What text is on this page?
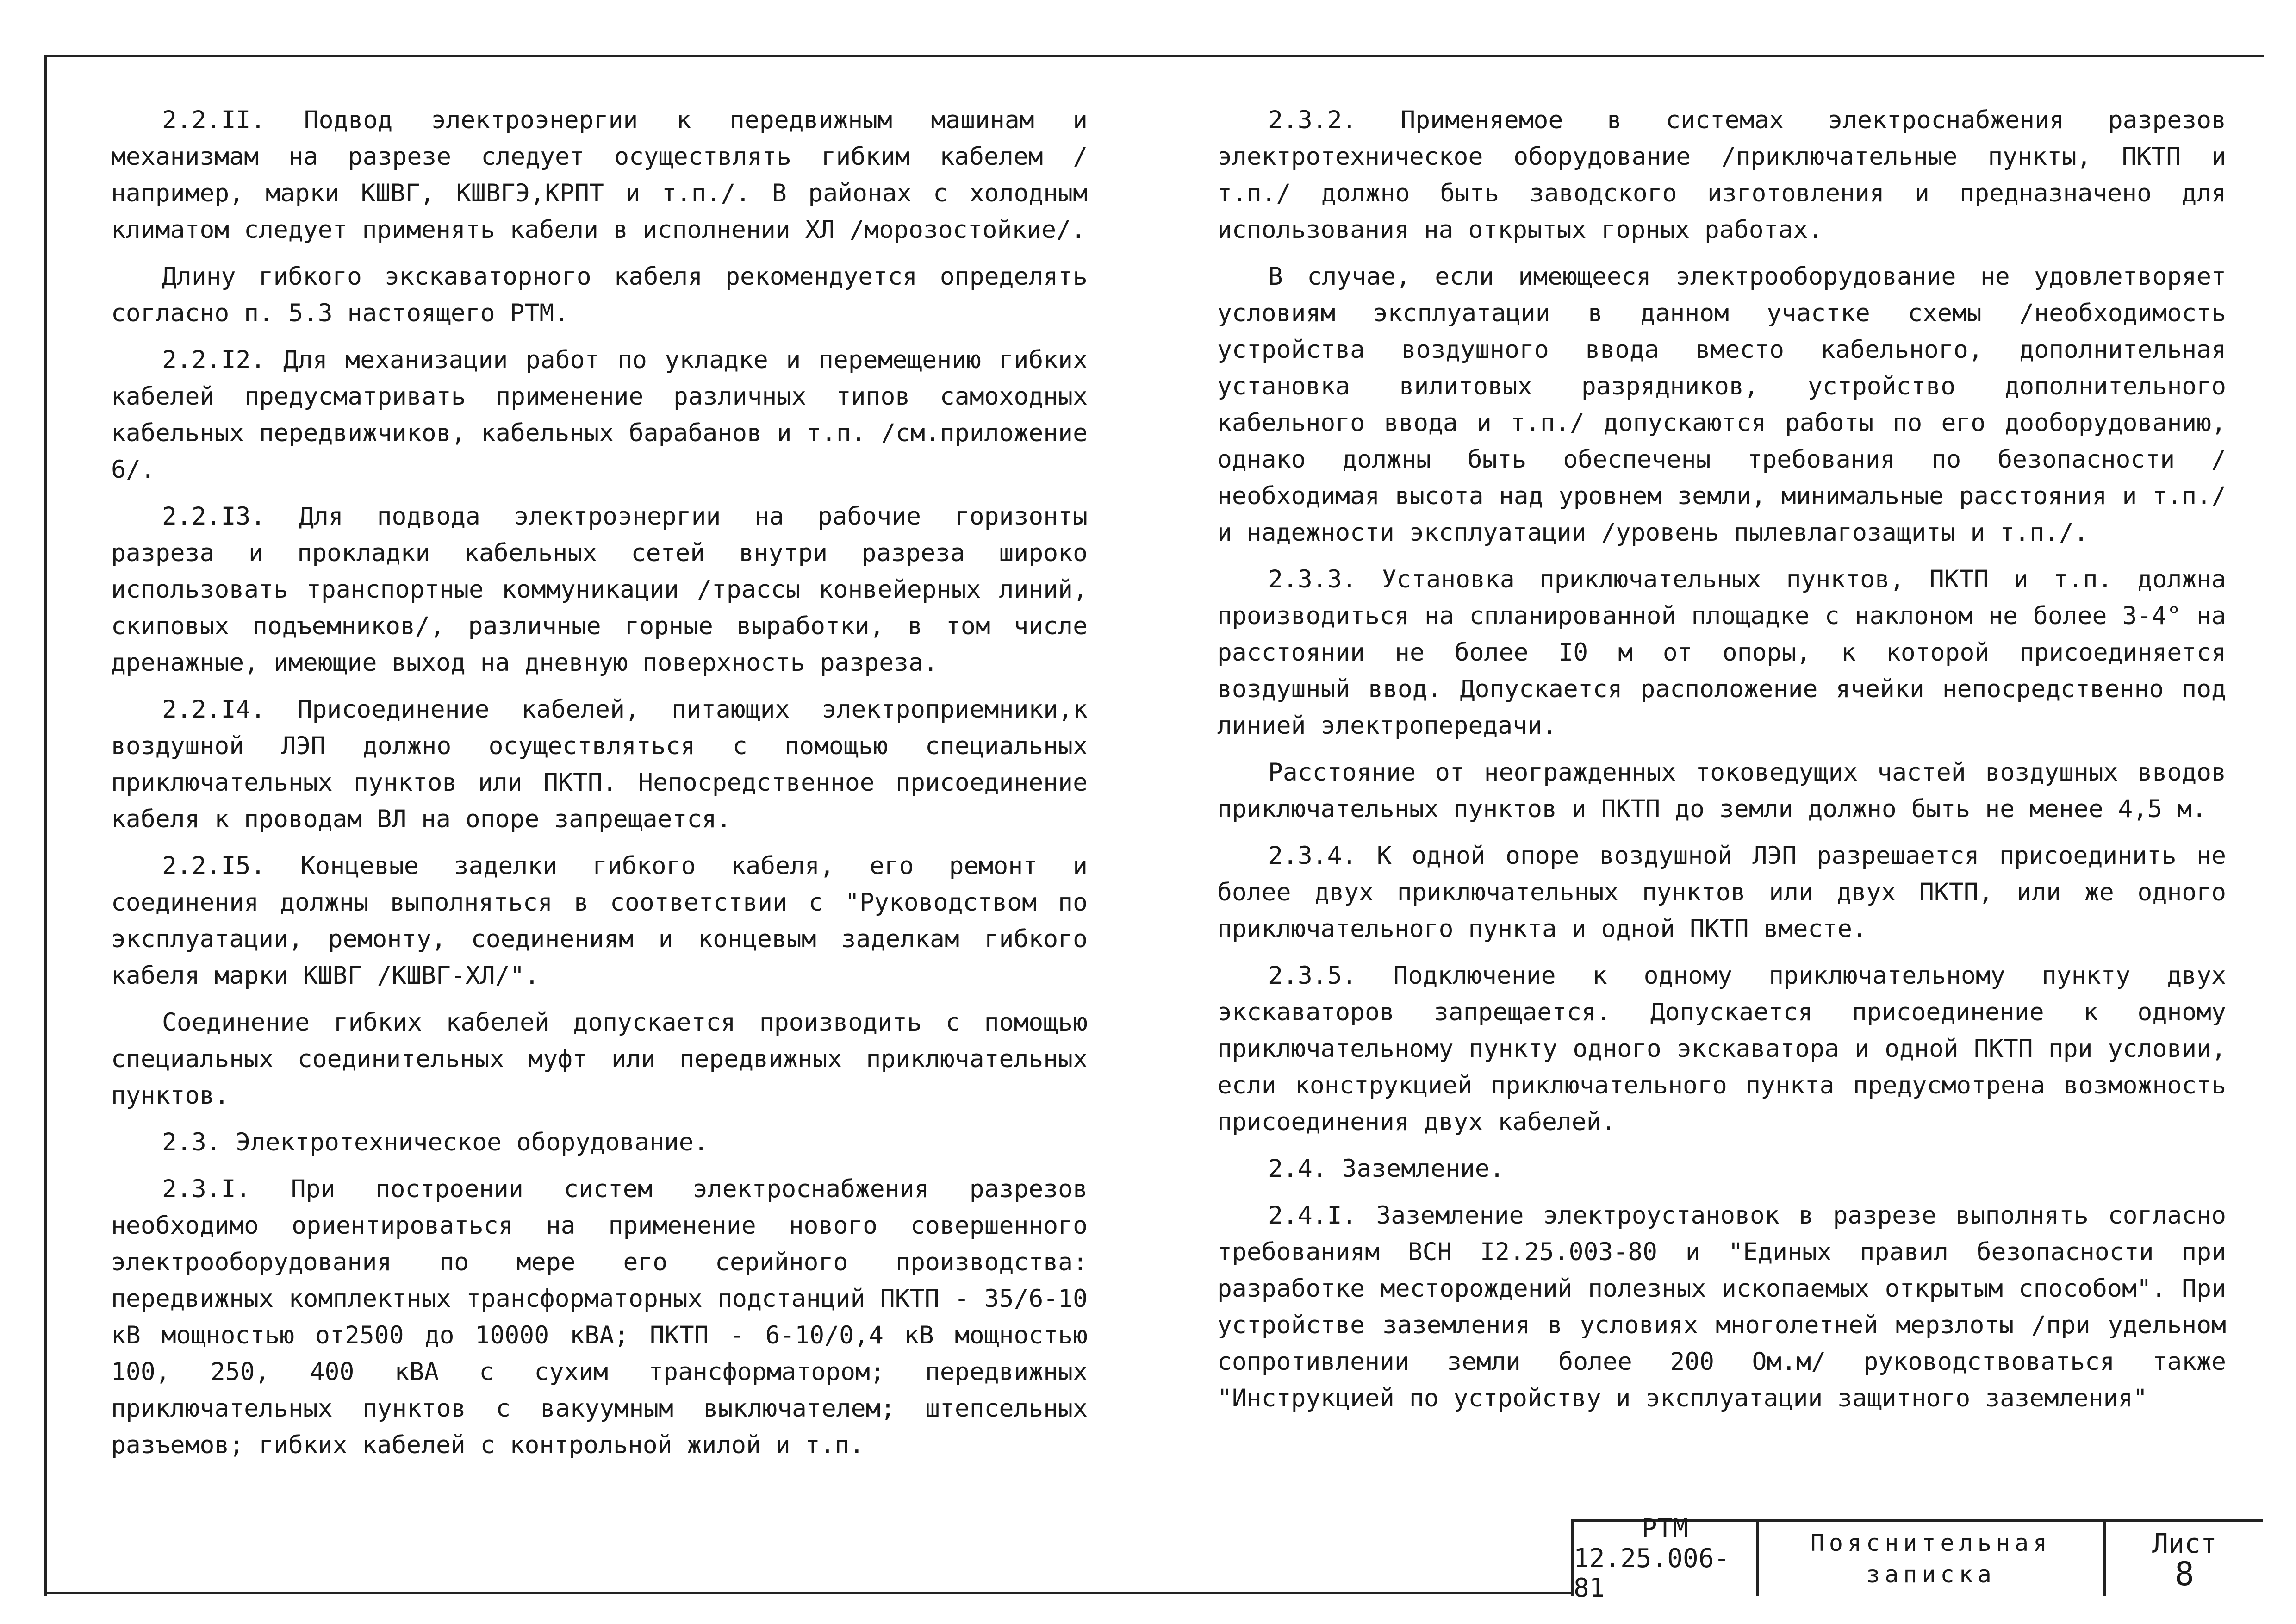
2.2.II. Подвод электроэнергии к передвижным машинам и механизмам на разрезе следует осуществлять гибким кабелем /например, марки КШВГ, КШВГЭ,КРПТ и т.п./. В районах с холодным климатом следует применять кабели в исполнении ХЛ /морозостойкие/.

Длину гибкого экскаваторного кабеля рекомендуется определять согласно п. 5.3 настоящего РТМ.

2.2.I2. Для механизации работ по укладке и перемещению гибких кабелей предусматривать применение различных типов самоходных кабельных передвижчиков, кабельных барабанов и т.п. /см.приложение 6/.

2.2.I3. Для подвода электроэнергии на рабочие горизонты разреза и прокладки кабельных сетей внутри разреза широко использовать транспортные коммуникации /трассы конвейерных линий, скиповых подъемников/, различные горные выработки, в том числе дренажные, имеющие выход на дневную поверхность разреза.

2.2.I4. Присоединение кабелей, питающих электроприемники,к воздушной ЛЭП должно осуществляться с помощью специальных приключательных пунктов или ПКТП. Непосредственное присоединение кабеля к проводам ВЛ на опоре запрещается.

2.2.I5. Концевые заделки гибкого кабеля, его ремонт и соединения должны выполняться в соответствии с "Руководством по эксплуатации, ремонту, соединениям и концевым заделкам гибкого кабеля марки КШВГ /КШВГ-ХЛ/".

Соединение гибких кабелей допускается производить с помощью специальных соединительных муфт или передвижных приключательных пунктов.

2.3. Электротехническое оборудование.

2.3.I. При построении систем электроснабжения разрезов необходимо ориентироваться на применение нового совершенного электрооборудования по мере его серийного производства: передвижных комплектных трансформаторных подстанций ПКТП - 35/6-10 кВ мощностью от2500 до 10000 кВА; ПКТП - 6-10/0,4 кВ мощностью 100, 250, 400 кВА с сухим трансформатором; передвижных приключательных пунктов с вакуумным выключателем; штепсельных разъемов; гибких кабелей с контрольной жилой и т.п.

2.3.2. Применяемое в системах электроснабжения разрезов электротехническое оборудование /приключательные пункты, ПКТП и т.п./ должно быть заводского изготовления и предназначено для использования на открытых горных работах.

В случае, если имеющееся электрооборудование не удовлетворяет условиям эксплуатации в данном участке схемы /необходимость устройства воздушного ввода вместо кабельного, дополнительная установка вилитовых разрядников, устройство дополнительного кабельного ввода и т.п./ допускаются работы по его дооборудованию, однако должны быть обеспечены требования по безопасности /необходимая высота над уровнем земли, минимальные расстояния и т.п./ и надежности эксплуатации /уровень пылевлагозащиты и т.п./.

2.3.3. Установка приключательных пунктов, ПКТП и т.п. должна производиться на спланированной площадке с наклоном не более 3-4° на расстоянии не более I0 м от опоры, к которой присоединяется воздушный ввод. Допускается расположение ячейки непосредственно под линией электропередачи.

Расстояние от неогражденных токоведущих частей воздушных вводов приключательных пунктов и ПКТП до земли должно быть не менее 4,5 м.

2.3.4. К одной опоре воздушной ЛЭП разрешается присоединить не более двух приключательных пунктов или двух ПКТП, или же одного приключательного пункта и одной ПКТП вместе.

2.3.5. Подключение к одному приключательному пункту двух экскаваторов запрещается. Допускается присоединение к одному приключательному пункту одного экскаватора и одной ПКТП при условии, если конструкцией приключательного пункта предусмотрена возможность присоединения двух кабелей.

2.4. Заземление.

2.4.I. Заземление электроустановок в разрезе выполнять согласно требованиям ВСН I2.25.003-80 и "Единых правил безопасности при разработке месторождений полезных ископаемых открытым способом". При устройстве заземления в условиях многолетней мерзлоты /при удельном сопротивлении земли более 200 Ом.м/ руководствоваться также "Инструкцией по устройству и эксплуатации защитного заземления"

РТМ
12.25.006-81
Пояснительная
записка
Лист
8
